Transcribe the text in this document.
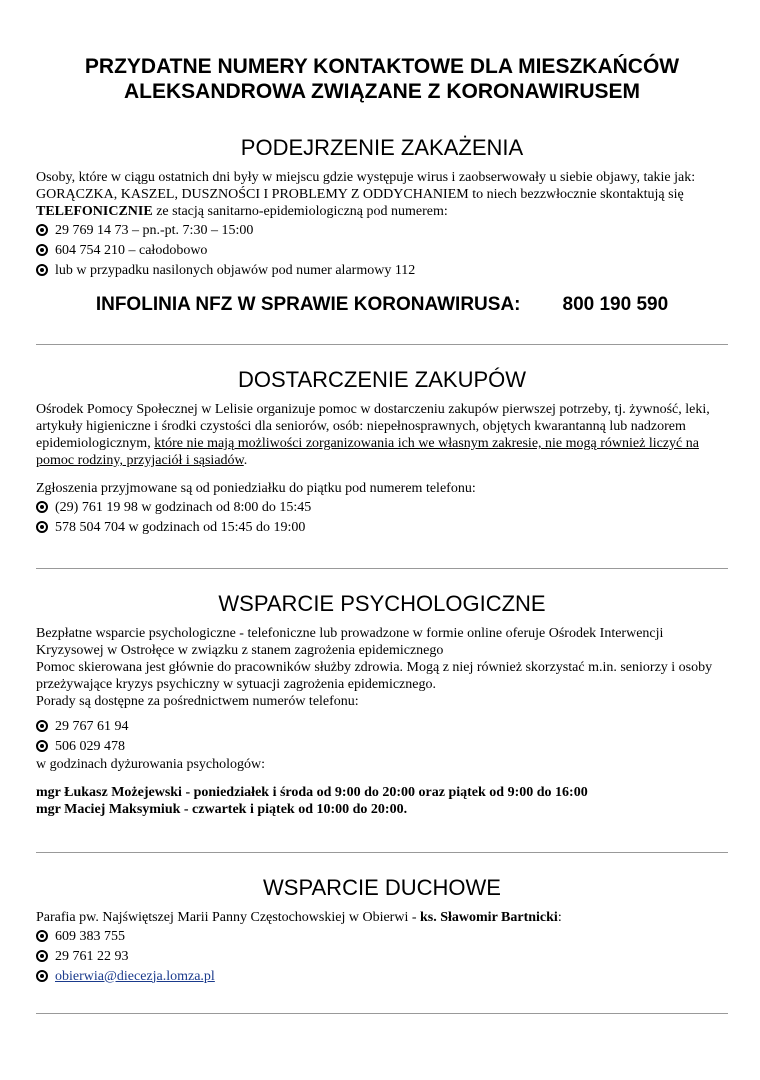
PRZYDATNE NUMERY KONTAKTOWE DLA MIESZKAŃCÓW
ALEKSANDROWA ZWIĄZANE Z KORONAWIRUSEM
PODEJRZENIE ZAKAŻENIA

Osoby, które w ciągu ostatnich dni były w miejscu gdzie występuje wirus i zaobserwowały u siebie objawy, takie jak: GORĄCZKA, KASZEL, DUSZNOŚCI I PROBLEMY Z ODDYCHANIEM to niech bezzwłocznie skontaktują się TELEFONICZNIE ze stacją sanitarno-epidemiologiczną pod numerem:

29 769 14 73 – pn.-pt. 7:30 – 15:00
604 754 210 – całodobowo
lub w przypadku nasilonych objawów pod numer alarmowy 112
INFOLINIA NFZ W SPRAWIE KORONAWIRUSA: 800 190 590
DOSTARCZENIE ZAKUPÓW

Ośrodek Pomocy Społecznej w Lelisie organizuje pomoc w dostarczeniu zakupów pierwszej potrzeby, tj. żywność, leki, artykuły higieniczne i środki czystości dla seniorów, osób: niepełnosprawnych, objętych kwarantanną lub nadzorem epidemiologicznym, które nie mają możliwości zorganizowania ich we własnym zakresie, nie mogą również liczyć na pomoc rodziny, przyjaciół i sąsiadów.

Zgłoszenia przyjmowane są od poniedziałku do piątku pod numerem telefonu:

(29) 761 19 98 w godzinach od 8:00 do 15:45
578 504 704 w godzinach od 15:45 do 19:00
WSPARCIE PSYCHOLOGICZNE

Bezpłatne wsparcie psychologiczne - telefoniczne lub prowadzone w formie online oferuje Ośrodek Interwencji Kryzysowej w Ostrołęce w związku z stanem zagrożenia epidemicznego

Pomoc skierowana jest głównie do pracowników służby zdrowia. Mogą z niej również skorzystać m.in. seniorzy i osoby przeżywające kryzys psychiczny w sytuacji zagrożenia epidemicznego.

Porady są dostępne za pośrednictwem numerów telefonu:

29 767 61 94
506 029 478

w godzinach dyżurowania psychologów:

mgr Łukasz Możejewski - poniedziałek i środa od 9:00 do 20:00 oraz piątek od 9:00 do 16:00

mgr Maciej Maksymiuk - czwartek i piątek od 10:00 do 20:00.

WSPARCIE DUCHOWE

Parafia pw. Najświętszej Marii Panny Częstochowskiej w Obierwi - ks. Sławomir Bartnicki:

609 383 755
29 761 22 93
obierwia@diecezja.lomza.pl
